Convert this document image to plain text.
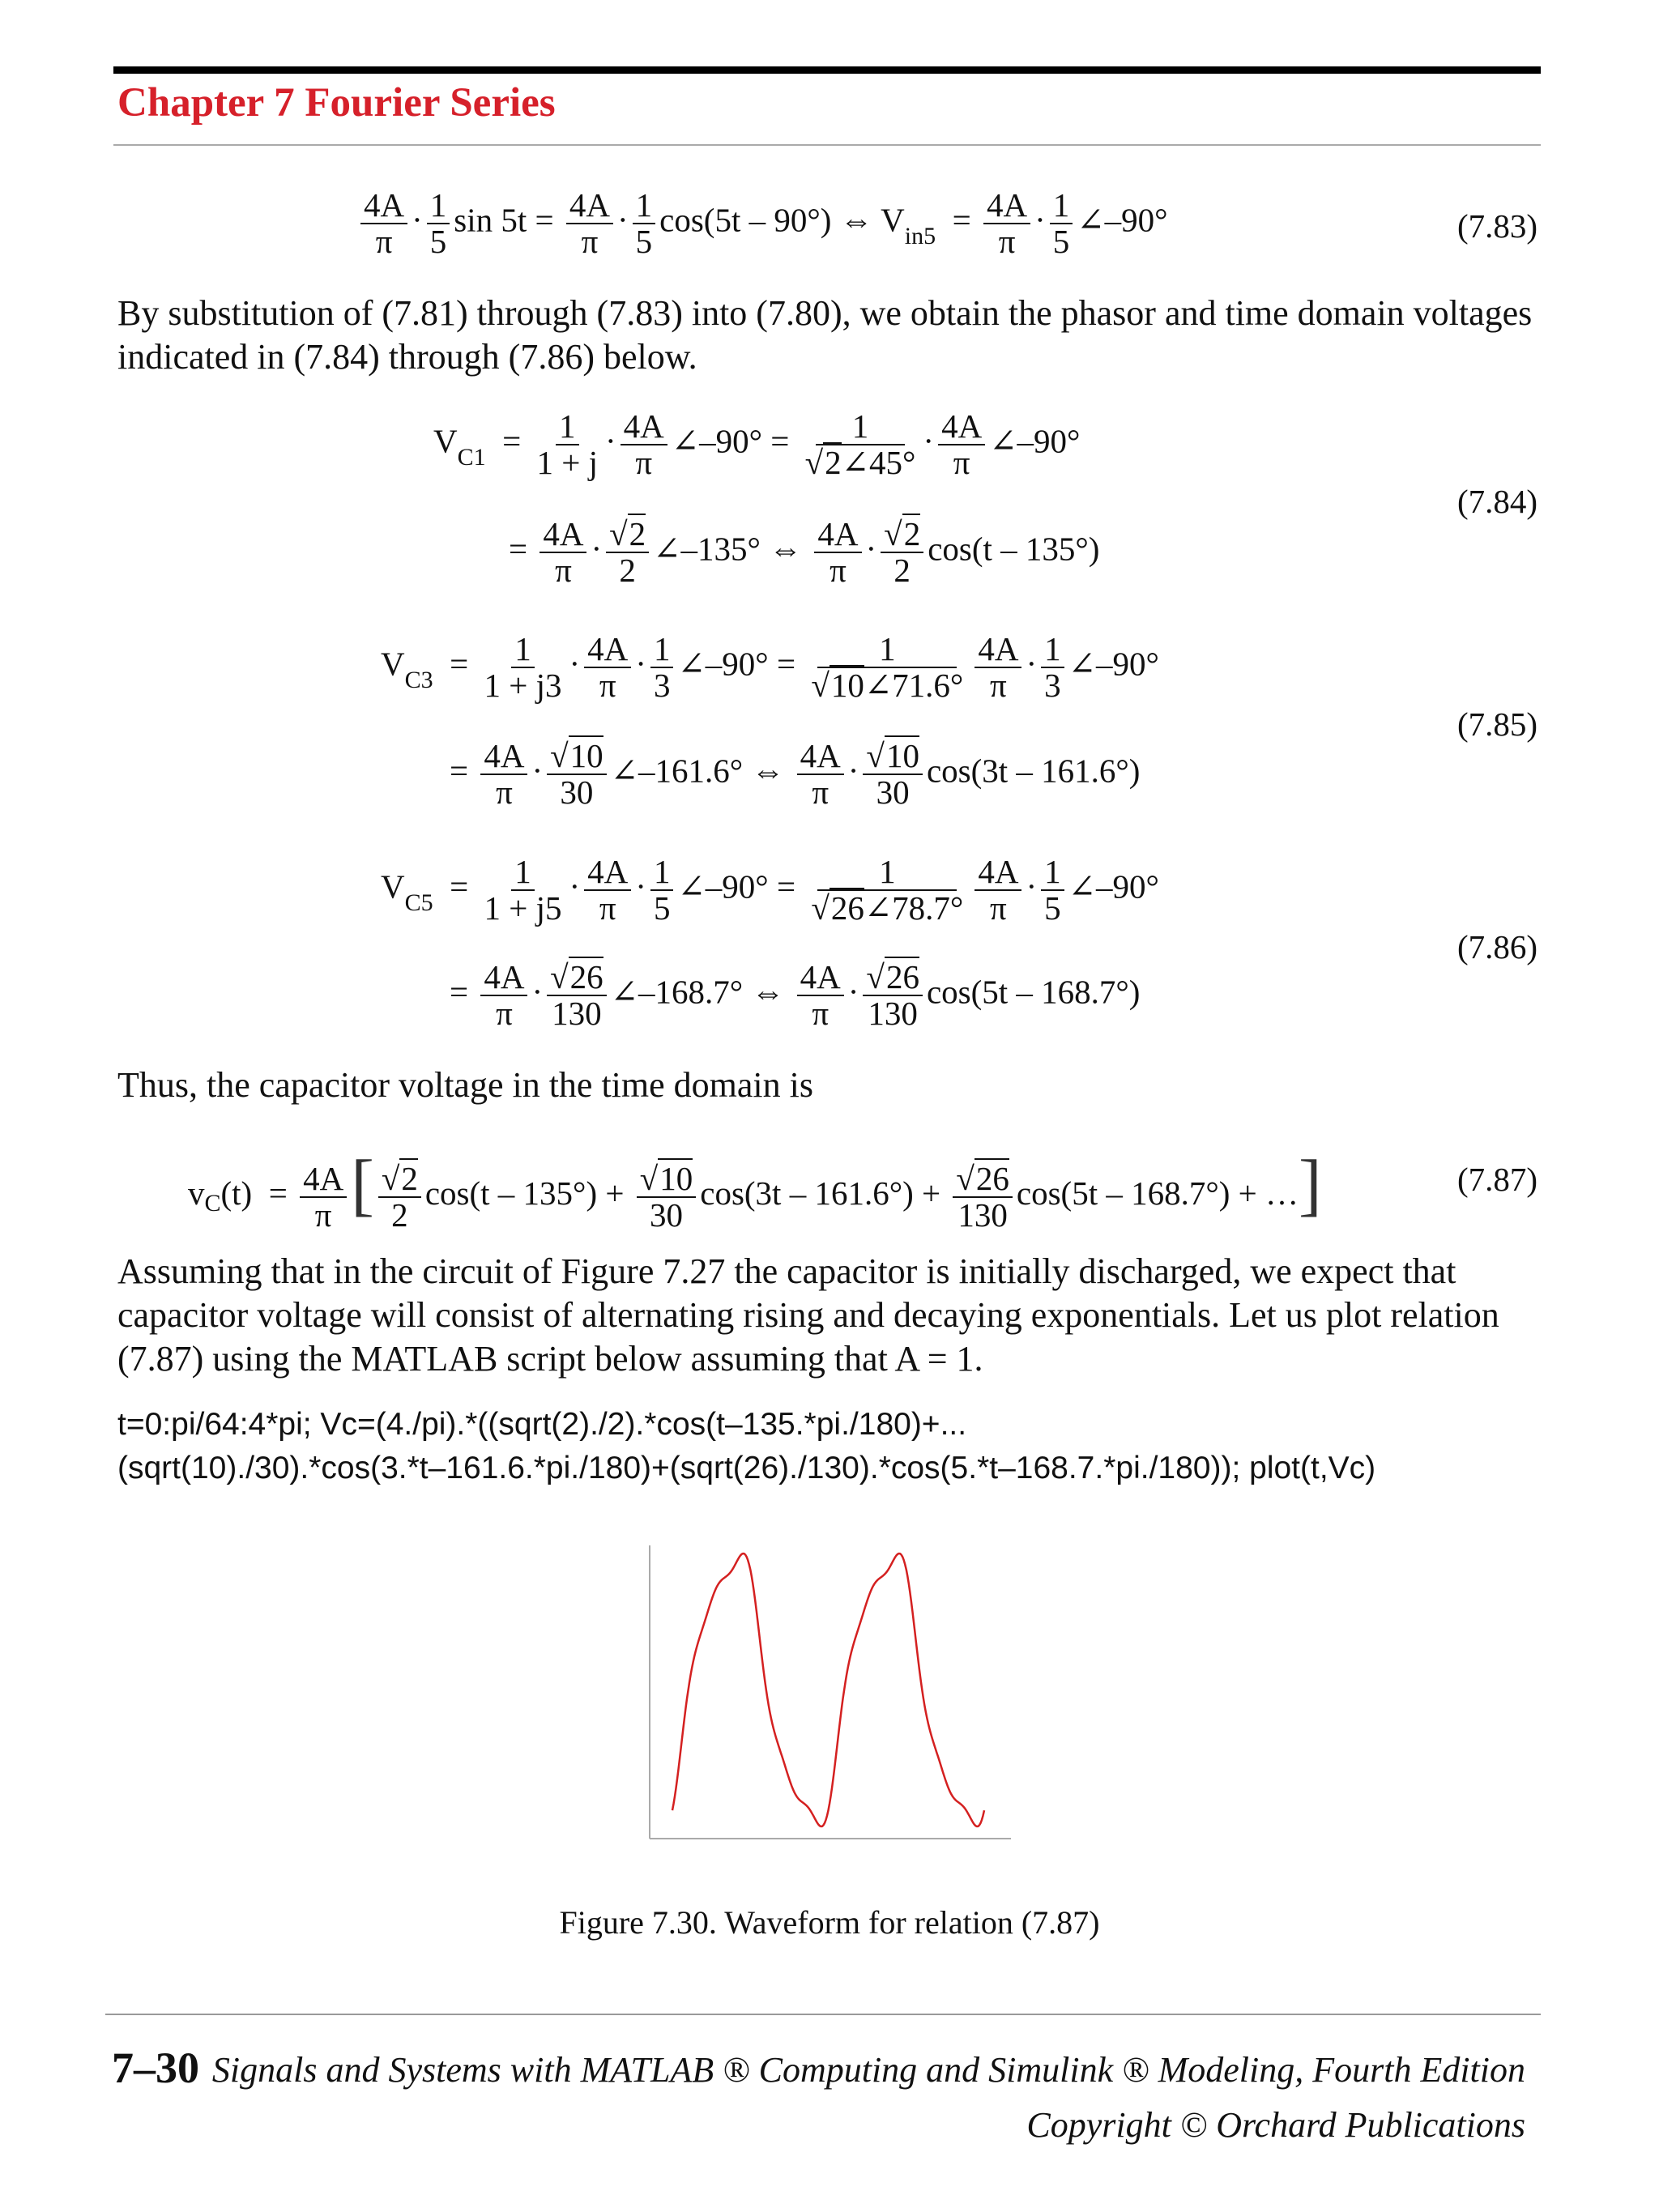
Chapter 7 Fourier Series
$\frac{4A}{\pi} \cdot \frac{1}{5}$ $\sin 5t = \frac{4A}{\pi} \cdot \frac{1}{5} \cos(5t - 90^\circ)$ ⇔ $V_{in5} = \frac{4A}{\pi} \cdot \frac{1}{5}$ ∠–90°	(7.83)
By substitution of (7.81) through (7.83) into (7.80), we obtain the phasor and time domain voltages indicated in (7.84) through (7.86) below.
$V_{C1} = \frac{1}{1 + j} \cdot \frac{4A}{\pi}$ ∠–90° = $\frac{1}{√2\angle 45^\circ} \cdot \frac{4A}{\pi}$ ∠–90°
(7.84)
= $\frac{4A}{\pi} \cdot \frac{√2}{2}$ ∠–135° ⇔ $\frac{4A}{\pi} \cdot \frac{√2}{2} \cos(t - 135^\circ)$
$V_{C3} = \frac{1}{1 + j3} \cdot \frac{4A}{\pi} \cdot \frac{1}{3}$ ∠–90° = $\frac{1}{√10\angle 71.6^\circ} \frac{4A}{\pi} \cdot \frac{1}{3}$ ∠–90°
(7.85)
= $\frac{4A}{\pi} \cdot \frac{√10}{30}$ ∠–161.6° ⇔ $\frac{4A}{\pi} \cdot \frac{√10}{30} \cos(3t - 161.6^\circ)$
$V_{C5} = \frac{1}{1 + j5} \cdot \frac{4A}{\pi} \cdot \frac{1}{5}$ ∠–90° = $\frac{1}{√26\angle 78.7^\circ} \frac{4A}{\pi} \cdot \frac{1}{5}$ ∠–90°
(7.86)
= $\frac{4A}{\pi} \cdot \frac{√26}{130}$ ∠–168.7° ⇔ $\frac{4A}{\pi} \cdot \frac{√26}{130} \cos(5t - 168.7^\circ)$
Thus, the capacitor voltage in the time domain is
$vC(t) = \frac{4A}{\pi}$ [ $\frac{√2}{2} \cos(t - 135^\circ) + \frac{√10}{30} \cos(3t - 161.6^\circ) + \frac{√26}{130} \cos(5t - 168.7^\circ)$ + …]	(7.87)
Assuming that in the circuit of Figure 7.27 the capacitor is initially discharged, we expect that capacitor voltage will consist of alternating rising and decaying exponentials. Let us plot relation (7.87) using the MATLAB script below assuming that A = 1.
t=0:pi/64:4*pi; Vc=(4./pi).*((sqrt(2)./2).*cos(t–135.*pi./180)+...
(sqrt(10)./30).*cos(3.*t–161.6.*pi./180)+(sqrt(26)./130).*cos(5.*t–168.7.*pi./180)); plot(t,Vc)
Figure 7.30. Waveform for relation (7.87)
7–30 Signals and Systems with MATLAB ® Computing and Simulink ® Modeling, Fourth Edition
Copyright © Orchard Publications
